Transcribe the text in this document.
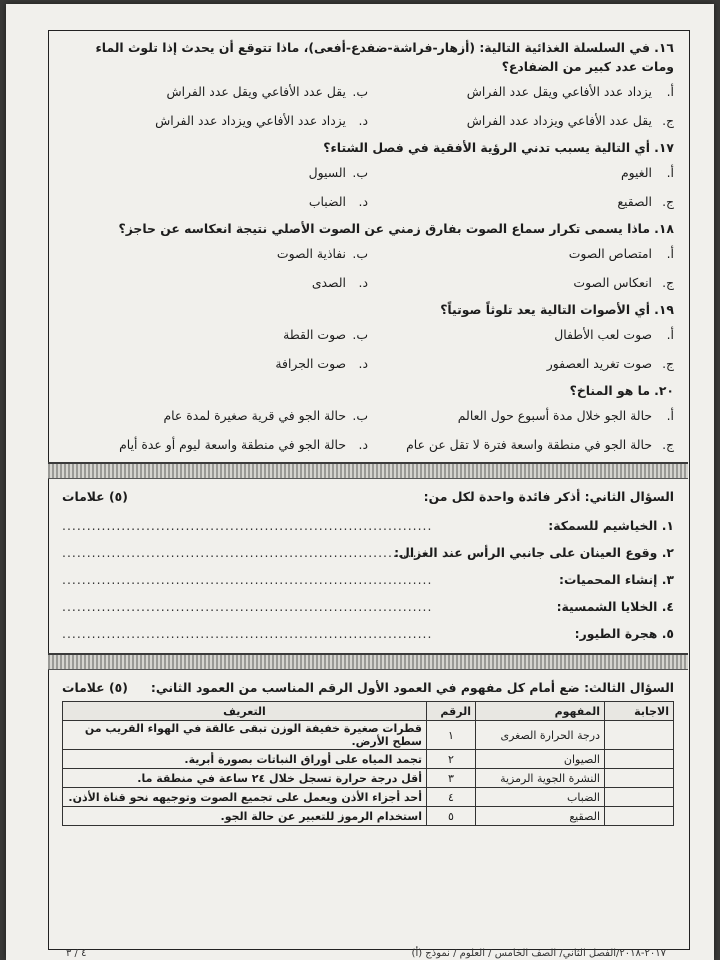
١٦.في السلسلة الغذائية التالية: (أزهار-فراشة-ضفدع-أفعى)، ماذا تتوقع أن يحدث إذا تلوث الماء ومات عدد كبير من الضفادع؟
أ.يزداد عدد الأفاعي ويقل عدد الفراش
ب.يقل عدد الأفاعي ويقل عدد الفراش
ج.يقل عدد الأفاعي ويزداد عدد الفراش
د.يزداد عدد الأفاعي ويزداد عدد الفراش
١٧.أي التالية يسبب تدني الرؤية الأفقية في فصل الشتاء؟
أ.الغيوم
ب.السيول
ج.الصقيع
د.الضباب
١٨.ماذا يسمى تكرار سماع الصوت بفارق زمني عن الصوت الأصلي نتيجة انعكاسه عن حاجز؟
أ.امتصاص الصوت
ب.نفاذية الصوت
ج.انعكاس الصوت
د.الصدى
١٩.أي الأصوات التالية يعد تلوثاً صوتياً؟
أ.صوت لعب الأطفال
ب.صوت القطة
ج.صوت تغريد العصفور
د.صوت الجرافة
٢٠.ما هو المناخ؟
أ.حالة الجو خلال مدة أسبوع حول العالم
ب.حالة الجو في قرية صغيرة لمدة عام
ج.حالة الجو في منطقة واسعة فترة لا تقل عن عام
د.حالة الجو في منطقة واسعة ليوم أو عدة أيام
السؤال الثاني: أذكر فائدة واحدة لكل من:
(٥) علامات
١. الخياشيم للسمكة:
...........................................................................
٢. وقوع العينان على جانبي الرأس عند الغزال:
...........................................................................
٣. إنشاء المحميات:
...........................................................................
٤. الخلايا الشمسية:
...........................................................................
٥. هجرة الطيور:
...........................................................................
السؤال الثالث: ضع أمام كل مفهوم في العمود الأول الرقم المناسب من العمود الثاني:
(٥) علامات
الاجابة	المفهوم	الرقم	التعريف
	درجة الحرارة الصغرى	١	قطرات صغيرة خفيفة الوزن تبقى عالقة في الهواء القريب من سطح الأرض.
	الصيوان	٢	تجمد المياه على أوراق النباتات بصورة أبرية.
	النشرة الجوية الرمزية	٣	أقل درجة حرارة تسجل خلال ٢٤ ساعة في منطقة ما.
	الضباب	٤	أحد أجزاء الأذن ويعمل على تجميع الصوت وتوجيهه نحو قناة الأذن.
	الصقيع	٥	استخدام الرموز للتعبير عن حالة الجو.
٢٠١٧-٢٠١٨/الفصل الثاني/ الصف الخامس / العلوم / نموذج (أ)
٤ / ٣
